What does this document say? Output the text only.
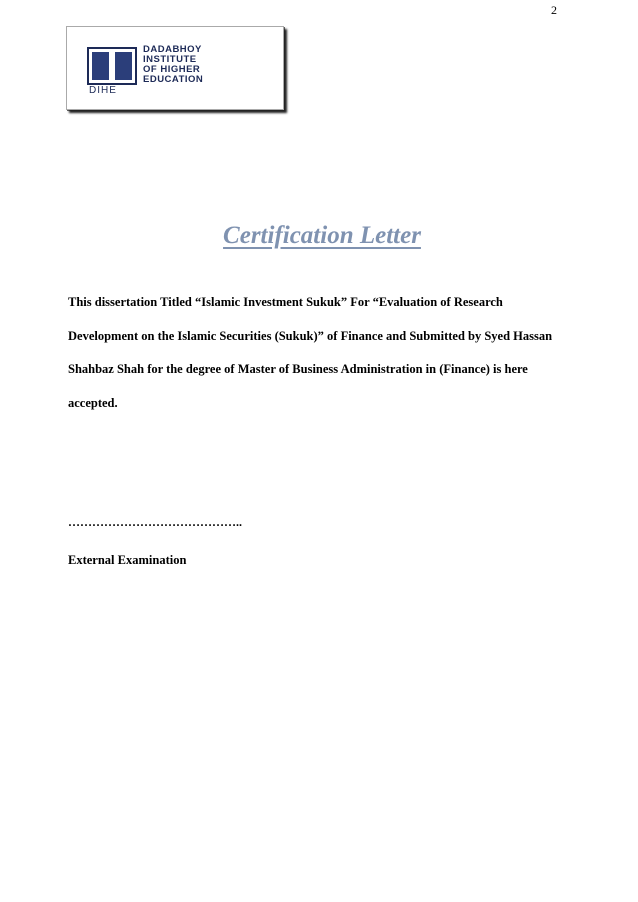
2
DIHE
DADABHOY
INSTITUTE
OF HIGHER
EDUCATION
Certification Letter
This dissertation Titled “Islamic Investment Sukuk” For “Evaluation of Research
Development on the Islamic Securities (Sukuk)” of Finance and Submitted by Syed Hassan
Shahbaz Shah for the degree of Master of Business Administration in (Finance) is here
accepted.
……………………………………..
External Examination
